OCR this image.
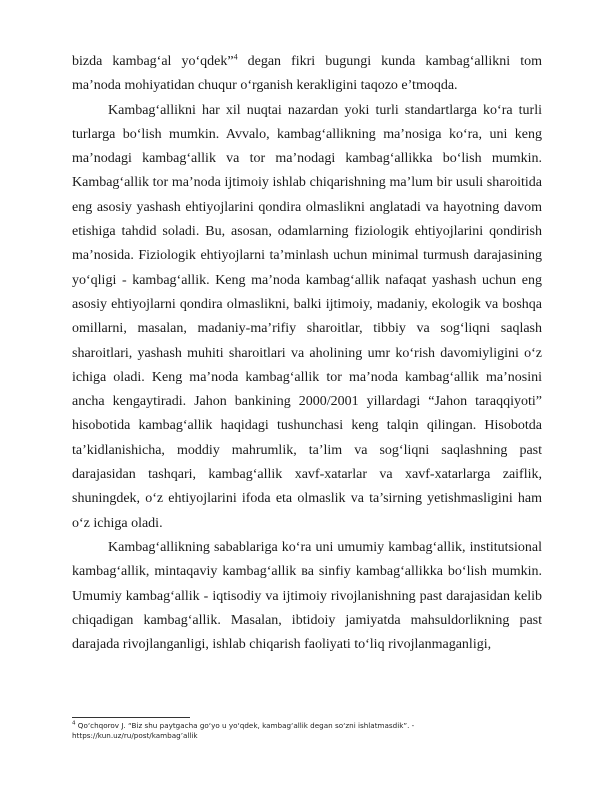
bizda kambag‘al yo‘qdek”$^4$ degan fikri bugungi kunda kambag‘allikni tom ma’noda mohiyatidan chuqur o‘rganish kerakligini taqozo e’tmoqda.

Kambag‘allikni har xil nuqtai nazardan yoki turli standartlarga ko‘ra turli turlarga bo‘lish mumkin. Avvalo, kambag‘allikning ma’nosiga ko‘ra, uni keng ma’nodagi kambag‘allik va tor ma’nodagi kambag‘allikka bo‘lish mumkin. Kambag‘allik tor ma’noda ijtimoiy ishlab chiqarishning ma’lum bir usuli sharoitida eng asosiy yashash ehtiyojlarini qondira olmaslikni anglatadi va hayotning davom etishiga tahdid soladi. Bu, asosan, odamlarning fiziologik ehtiyojlarini qondirish ma’nosida. Fiziologik ehtiyojlarni ta’minlash uchun minimal turmush darajasining yo‘qligi - kambag‘allik. Keng ma’noda kambag‘allik nafaqat yashash uchun eng asosiy ehtiyojlarni qondira olmaslikni, balki ijtimoiy, madaniy, ekologik va boshqa omillarni, masalan, madaniy-ma’rifiy sharoitlar, tibbiy va sog‘liqni saqlash sharoitlari, yashash muhiti sharoitlari va aholining umr ko‘rish davomiyligini o‘z ichiga oladi. Keng ma’noda kambag‘allik tor ma’noda kambag‘allik ma’nosini ancha kengaytiradi. Jahon bankining 2000/2001 yillardagi “Jahon taraqqiyoti” hisobotida kambag‘allik haqidagi tushunchasi keng talqin qilingan. Hisobotda ta’kidlanishicha, moddiy mahrumlik, ta’lim va sog‘liqni saqlashning past darajasidan tashqari, kambag‘allik xavf-xatarlar va xavf-xatarlarga zaiflik, shuningdek, o‘z ehtiyojlarini ifoda eta olmaslik va ta’sirning yetishmasligini ham o‘z ichiga oladi.

Kambag‘allikning sabablariga ko‘ra uni umumiy kambag‘allik, institutsional kambag‘allik, mintaqaviy kambag‘allik ва sinfiy kambag‘allikka bo‘lish mumkin. Umumiy kambag‘allik - iqtisodiy va ijtimoiy rivojlanishning past darajasidan kelib chiqadigan kambag‘allik. Masalan, ibtidoiy jamiyatda mahsuldorlikning past darajada rivojlanganligi, ishlab chiqarish faoliyati to‘liq rivojlanmaganligi,

$^4$ Qo‘chqorov J. “Biz shu paytgacha go‘yo u yo‘qdek, kambag‘allik degan so‘zni ishlatmasdik”. -
https://kun.uz/ru/post/kambag’allik
